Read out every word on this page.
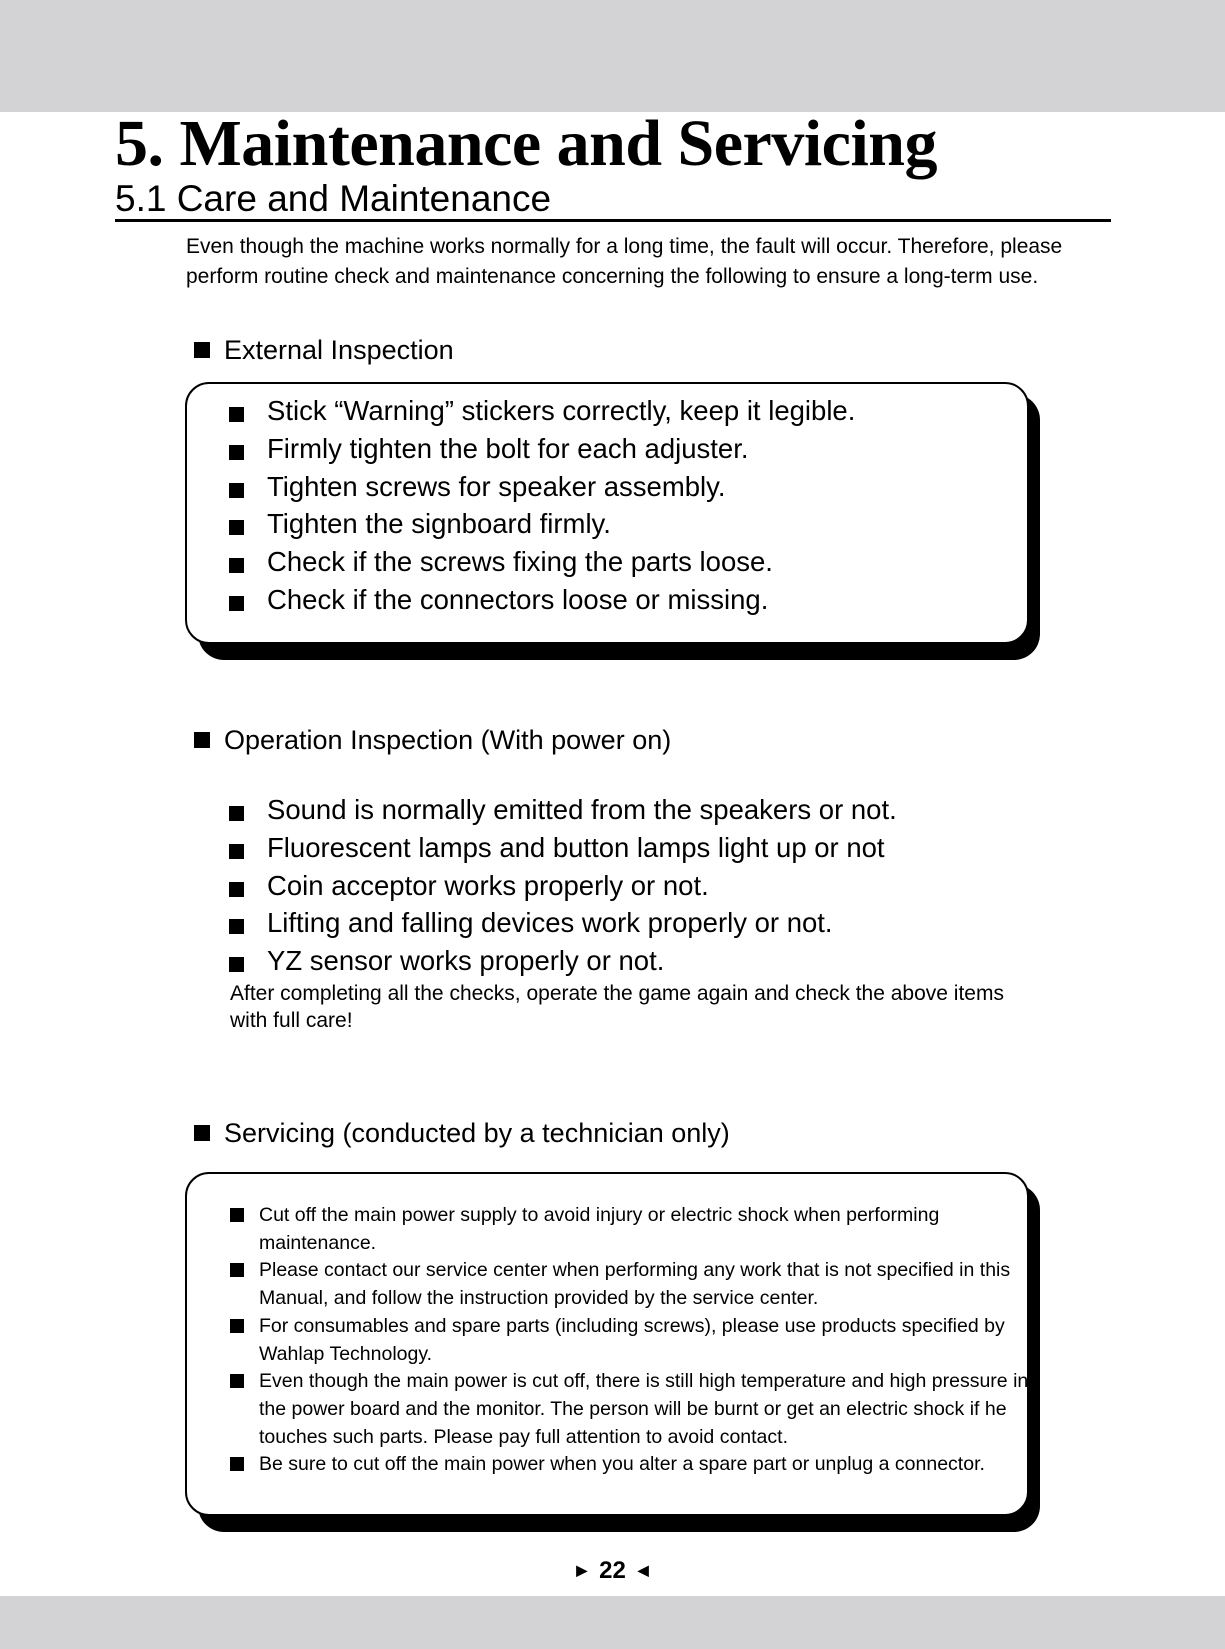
5. Maintenance and Servicing
5.1 Care and Maintenance
Even though the machine works normally for a long time, the fault will occur. Therefore, please perform routine check and maintenance concerning the following to ensure a long-term use.
External Inspection
Stick “Warning” stickers correctly, keep it legible.
Firmly tighten the bolt for each adjuster.
Tighten screws for speaker assembly.
Tighten the signboard firmly.
Check if the screws fixing the parts loose.
Check if the connectors loose or missing.
Operation Inspection (With power on)
Sound is normally emitted from the speakers or not.
Fluorescent lamps and button lamps light up or not
Coin acceptor works properly or not.
Lifting and falling devices work properly or not.
YZ sensor works properly or not.
After completing all the checks, operate the game again and check the above items with full care!
Servicing (conducted by a technician only)
Cut off the main power supply to avoid injury or electric shock when performing maintenance.
Please contact our service center when performing any work that is not specified in this Manual, and follow the instruction provided by the service center.
For consumables and spare parts (including screws), please use products specified by Wahlap Technology.
Even though the main power is cut off, there is still high temperature and high pressure in the power board and the monitor. The person will be burnt or get an electric shock if he touches such parts. Please pay full attention to avoid contact.
Be sure to cut off the main power when you alter a spare part or unplug a connector.
▶ 22 ◀
